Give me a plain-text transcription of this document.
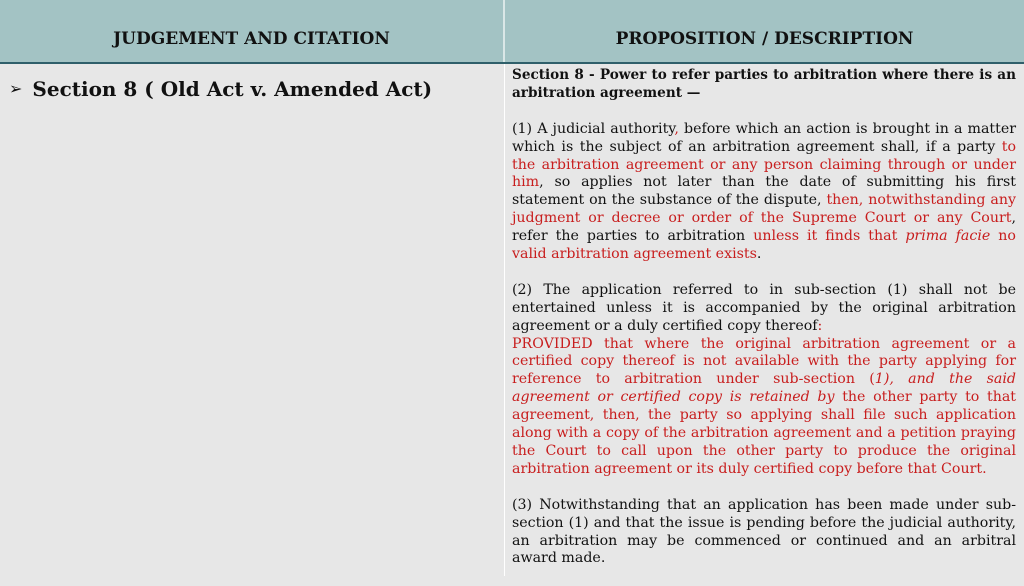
JUDGEMENT AND CITATION	PROPOSITION / DESCRIPTION
➢ Section 8 ( Old Act v. Amended Act)

Section 8 - Power to refer parties to arbitration where there is an arbitration agreement —

(1) A judicial authority, before which an action is brought in a matter which is the subject of an arbitration agreement shall, if a party to the arbitration agreement or any person claiming through or under him, so applies not later than the date of submitting his first statement on the substance of the dispute, then, notwithstanding any judgment or decree or order of the Supreme Court or any Court, refer the parties to arbitration unless it finds that prima facie no valid arbitration agreement exists.

(2) The application referred to in sub-section (1) shall not be entertained unless it is accompanied by the original arbitration agreement or a duly certified copy thereof:
PROVIDED that where the original arbitration agreement or a certified copy thereof is not available with the party applying for reference to arbitration under sub-section (1), and the said agreement or certified copy is retained by the other party to that agreement, then, the party so applying shall file such application along with a copy of the arbitration agreement and a petition praying the Court to call upon the other party to produce the original arbitration agreement or its duly certified copy before that Court.

(3) Notwithstanding that an application has been made under sub-section (1) and that the issue is pending before the judicial authority, an arbitration may be commenced or continued and an arbitral award made.
